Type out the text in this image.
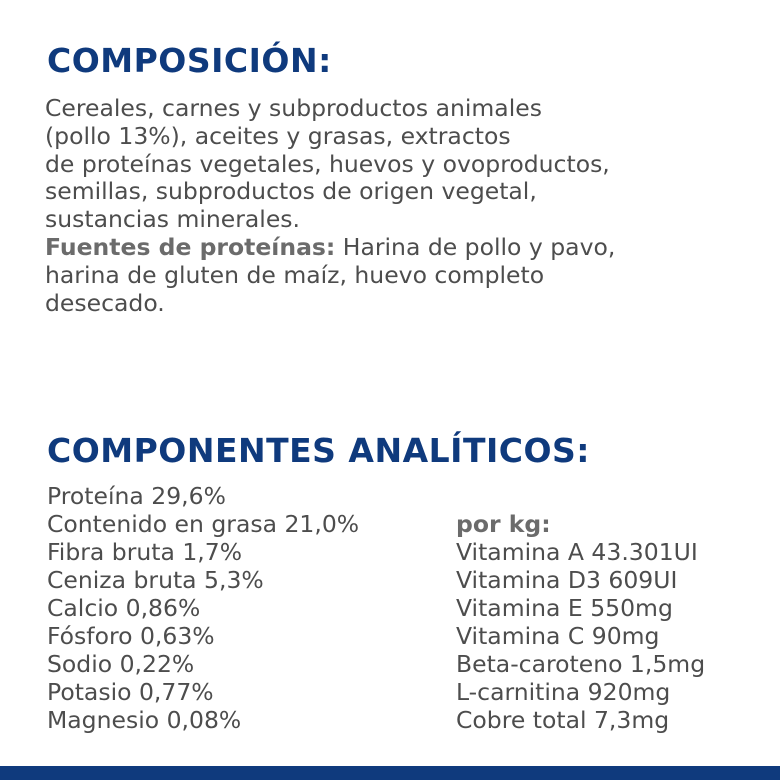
COMPOSICIÓN:
Cereales, carnes y subproductos animales
(pollo 13%), aceites y grasas, extractos
de proteínas vegetales, huevos y ovoproductos,
semillas, subproductos de origen vegetal,
sustancias minerales.
Fuentes de proteínas: Harina de pollo y pavo,
harina de gluten de maíz, huevo completo
desecado.
COMPONENTES ANALÍTICOS:
Proteína 29,6%
Contenido en grasa 21,0%
Fibra bruta 1,7%
Ceniza bruta 5,3%
Calcio 0,86%
Fósforo 0,63%
Sodio 0,22%
Potasio 0,77%
Magnesio 0,08%
por kg:
Vitamina A 43.301UI
Vitamina D3 609UI
Vitamina E 550mg
Vitamina C 90mg
Beta-caroteno 1,5mg
L-carnitina 920mg
Cobre total 7,3mg
